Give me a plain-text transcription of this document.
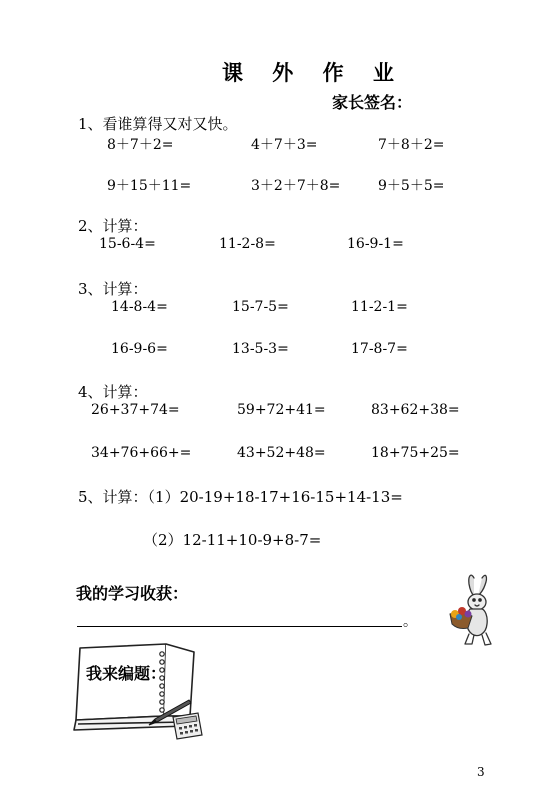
课 外 作 业
家长签名：
1、看谁算得又对又快。
8＋7＋2=	4＋7＋3=	7＋8＋2=
9＋15＋11=	3＋2＋7＋8=	9＋5＋5=
2、计算：
15-6-4=	11-2-8=	16-9-1=
3、计算：
14-8-4=	15-7-5=	11-2-1=
16-9-6=	13-5-3=	17-8-7=
4、计算：
26+37+74=	59+72+41=	83+62+38=
34+76+66+=	43+52+48=	18+75+25=
5、计算：（1）20-19+18-17+16-15+14-13=
（2）12-11+10-9+8-7=
我的学习收获：
。
我来编题：
3
